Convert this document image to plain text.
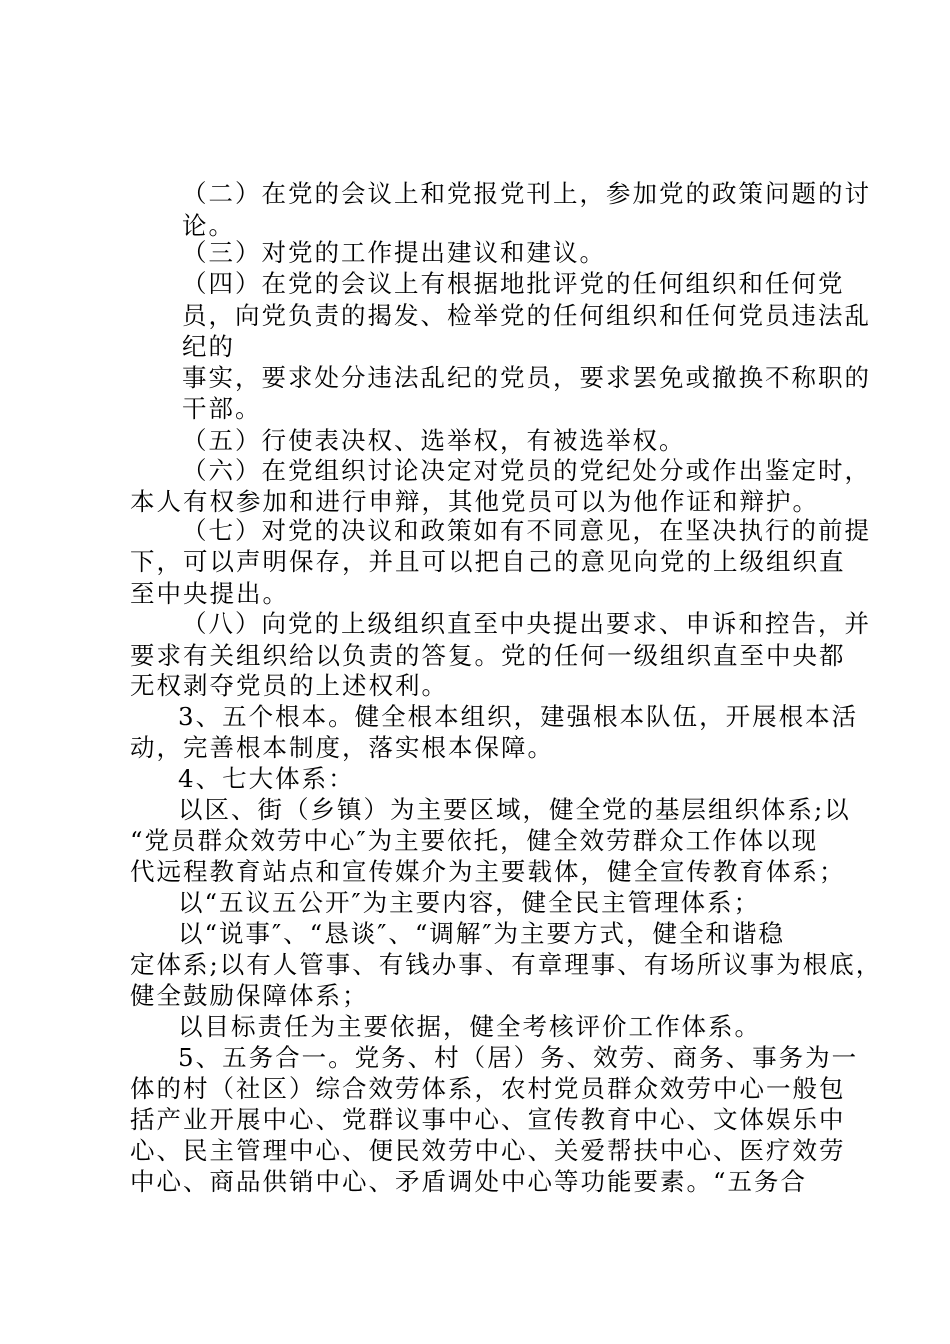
（二）在党的会议上和党报党刊上，参加党的政策问题的讨
论。
（三）对党的工作提出建议和建议。
（四）在党的会议上有根据地批评党的任何组织和任何党
员，向党负责的揭发、检举党的任何组织和任何党员违法乱
纪的
事实，要求处分违法乱纪的党员，要求罢免或撤换不称职的
干部。
（五）行使表决权、选举权，有被选举权。
（六）在党组织讨论决定对党员的党纪处分或作出鉴定时，
本人有权参加和进行申辩，其他党员可以为他作证和辩护。
（七）对党的决议和政策如有不同意见，在坚决执行的前提
下，可以声明保存，并且可以把自己的意见向党的上级组织直
至中央提出。
（八）向党的上级组织直至中央提出要求、申诉和控告，并
要求有关组织给以负责的答复。党的任何一级组织直至中央都
无权剥夺党员的上述权利。
3、五个根本。健全根本组织，建强根本队伍，开展根本活
动，完善根本制度，落实根本保障。
4、七大体系：
以区、街（乡镇）为主要区域，健全党的基层组织体系;以
“党员群众效劳中心″为主要依托，健全效劳群众工作体以现
代远程教育站点和宣传媒介为主要载体，健全宣传教育体系；
以“五议五公开″为主要内容，健全民主管理体系；
以“说事″、“恳谈″、“调解″为主要方式，健全和谐稳
定体系;以有人管事、有钱办事、有章理事、有场所议事为根底，
健全鼓励保障体系；
以目标责任为主要依据，健全考核评价工作体系。
5、五务合一。党务、村（居）务、效劳、商务、事务为一
体的村（社区）综合效劳体系，农村党员群众效劳中心一般包
括产业开展中心、党群议事中心、宣传教育中心、文体娱乐中
心、民主管理中心、便民效劳中心、关爱帮扶中心、医疗效劳
中心、商品供销中心、矛盾调处中心等功能要素。“五务合
